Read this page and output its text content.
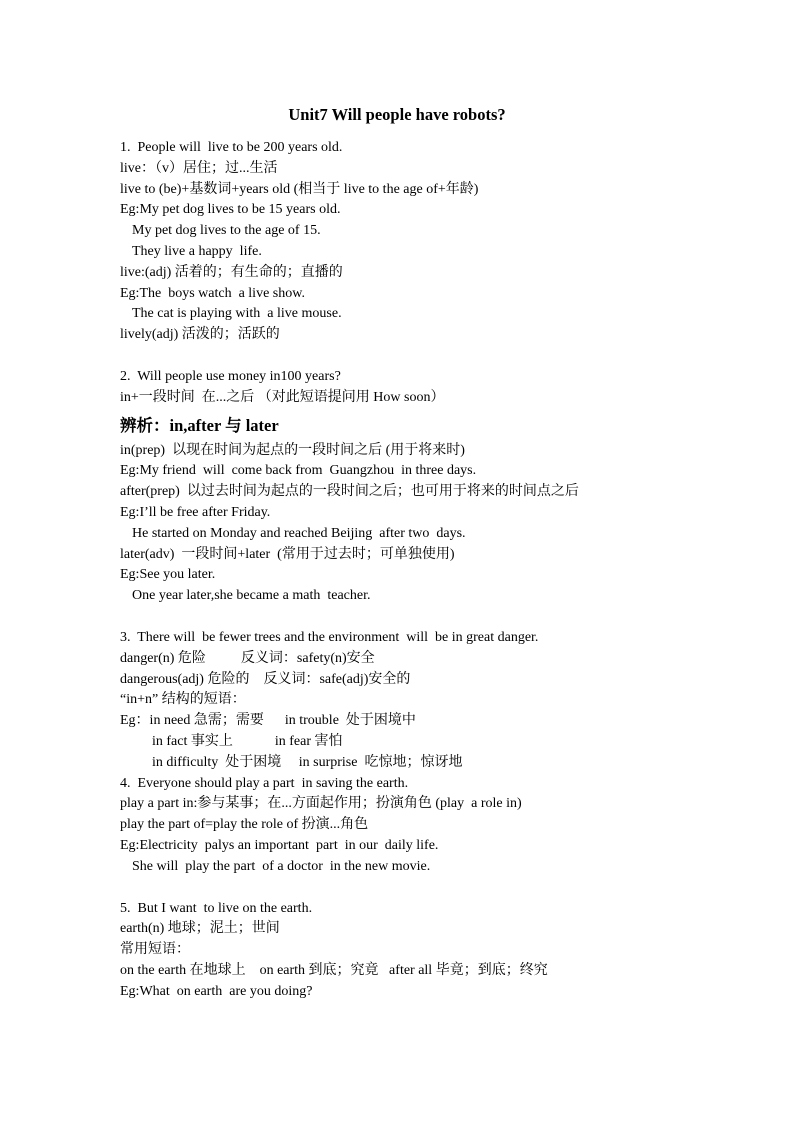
Unit7 Will people have robots?
1.  People will  live to be 200 years old.
live：（v）居住；过...生活
live to (be)+基数词+years old (相当于 live to the age of+年龄)
Eg:My pet dog lives to be 15 years old.
My pet dog lives to the age of 15.
They live a happy  life.
live:(adj) 活着的；有生命的；直播的
Eg:The  boys watch  a live show.
The cat is playing with  a live mouse.
lively(adj) 活泼的；活跃的
2.  Will people use money in100 years?
in+一段时间  在...之后 （对此短语提问用 How soon）
辨析：in,after 与 later
in(prep)  以现在时间为起点的一段时间之后 (用于将来时)
Eg:My friend  will  come back from  Guangzhou  in three days.
after(prep)  以过去时间为起点的一段时间之后；也可用于将来的时间点之后
Eg:I’ll be free after Friday.
He started on Monday and reached Beijing  after two  days.
later(adv)  一段时间+later  (常用于过去时；可单独使用)
Eg:See you later.
One year later,she became a math  teacher.
3.  There will  be fewer trees and the environment  will  be in great danger.
danger(n) 危险          反义词：safety(n)安全
dangerous(adj) 危险的    反义词：safe(adj)安全的
“in+n” 结构的短语：
Eg：in need 急需；需要      in trouble  处于困境中
in fact 事实上            in fear 害怕
in difficulty  处于困境     in surprise  吃惊地；惊讶地
4.  Everyone should play a part  in saving the earth.
play a part in:参与某事；在...方面起作用；扮演角色 (play  a role in)
play the part of=play the role of 扮演...角色
Eg:Electricity  palys an important  part  in our  daily life.
She will  play the part  of a doctor  in the new movie.
5.  But I want  to live on the earth.
earth(n) 地球；泥土；世间
常用短语：
on the earth 在地球上    on earth 到底；究竟   after all 毕竟；到底；终究
Eg:What  on earth  are you doing?
